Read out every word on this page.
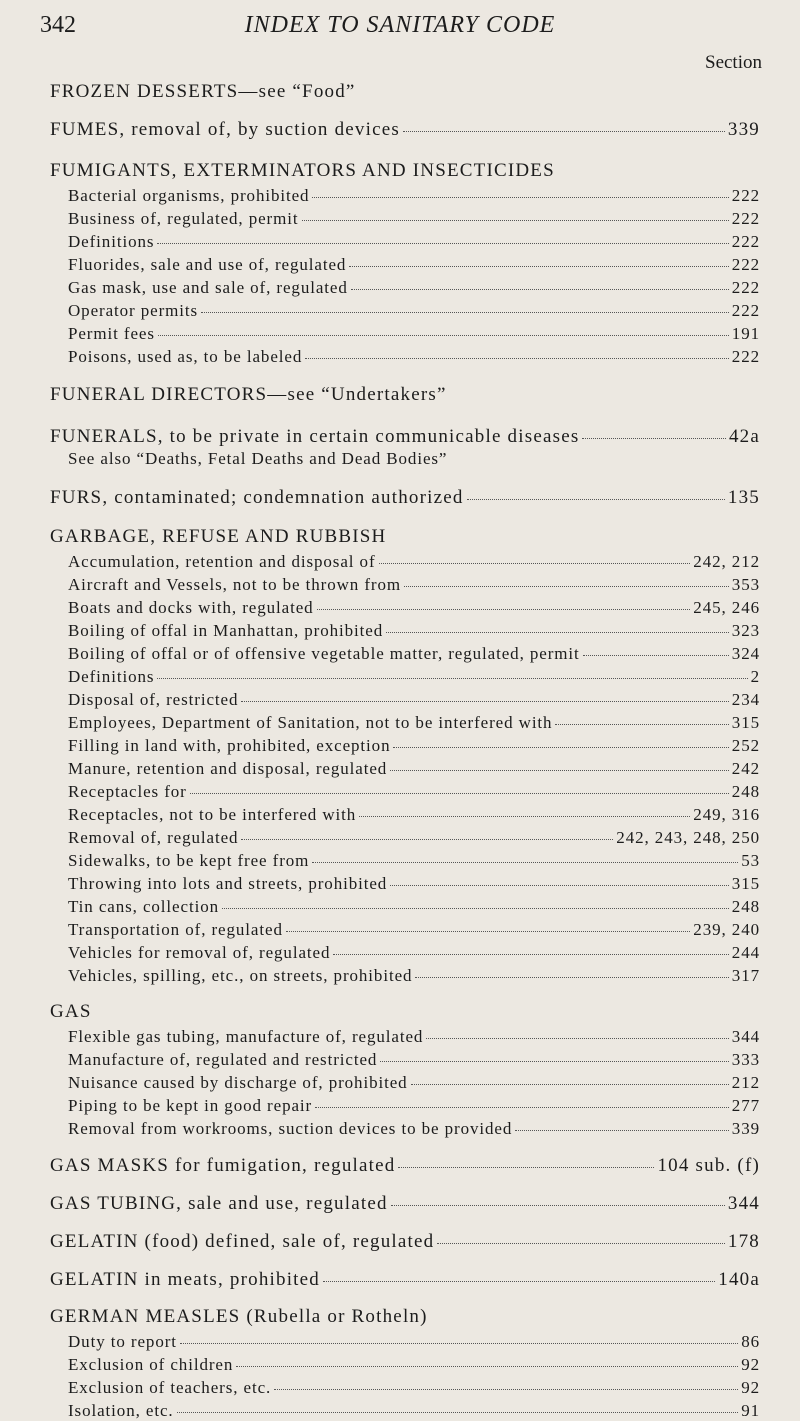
342	INDEX TO SANITARY CODE
Section
FROZEN DESSERTS—see “Food”
FUMES, removal of, by suction devices	339
FUMIGANTS, EXTERMINATORS AND INSECTICIDES
Bacterial organisms, prohibited	222
Business of, regulated, permit	222
Definitions	222
Fluorides, sale and use of, regulated	222
Gas mask, use and sale of, regulated	222
Operator permits	222
Permit fees	191
Poisons, used as, to be labeled	222
FUNERAL DIRECTORS—see “Undertakers”
FUNERALS, to be private in certain communicable diseases	42a
See also “Deaths, Fetal Deaths and Dead Bodies”
FURS, contaminated; condemnation authorized	135
GARBAGE, REFUSE AND RUBBISH
Accumulation, retention and disposal of	242, 212
Aircraft and Vessels, not to be thrown from	353
Boats and docks with, regulated	245, 246
Boiling of offal in Manhattan, prohibited	323
Boiling of offal or of offensive vegetable matter, regulated, permit	324
Definitions	2
Disposal of, restricted	234
Employees, Department of Sanitation, not to be interfered with	315
Filling in land with, prohibited, exception	252
Manure, retention and disposal, regulated	242
Receptacles for	248
Receptacles, not to be interfered with	249, 316
Removal of, regulated	242, 243, 248, 250
Sidewalks, to be kept free from	53
Throwing into lots and streets, prohibited	315
Tin cans, collection	248
Transportation of, regulated	239, 240
Vehicles for removal of, regulated	244
Vehicles, spilling, etc., on streets, prohibited	317
GAS
Flexible gas tubing, manufacture of, regulated	344
Manufacture of, regulated and restricted	333
Nuisance caused by discharge of, prohibited	212
Piping to be kept in good repair	277
Removal from workrooms, suction devices to be provided	339
GAS MASKS for fumigation, regulated	104 sub. (f)
GAS TUBING, sale and use, regulated	344
GELATIN (food) defined, sale of, regulated	178
GELATIN in meats, prohibited	140a
GERMAN MEASLES (Rubella or Rotheln)
Duty to report	86
Exclusion of children	92
Exclusion of teachers, etc.	92
Isolation, etc.	91
